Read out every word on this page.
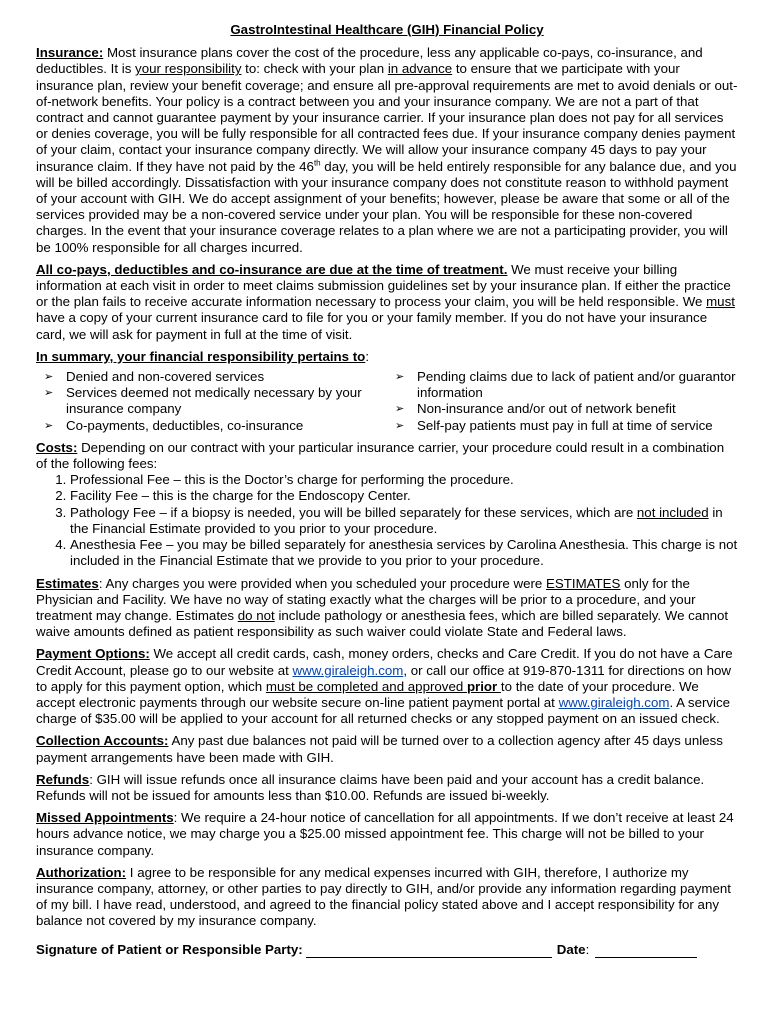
GastroIntestinal Healthcare (GIH) Financial Policy

Insurance: Most insurance plans cover the cost of the procedure, less any applicable co-pays, co-insurance, and deductibles. It is your responsibility to: check with your plan in advance to ensure that we participate with your insurance plan, review your benefit coverage; and ensure all pre-approval requirements are met to avoid denials or out-of-network benefits. Your policy is a contract between you and your insurance company. We are not a part of that contract and cannot guarantee payment by your insurance carrier. If your insurance plan does not pay for all services or denies coverage, you will be fully responsible for all contracted fees due. If your insurance company denies payment of your claim, contact your insurance company directly. We will allow your insurance company 45 days to pay your insurance claim. If they have not paid by the 46th day, you will be held entirely responsible for any balance due, and you will be billed accordingly. Dissatisfaction with your insurance company does not constitute reason to withhold payment of your account with GIH. We do accept assignment of your benefits; however, please be aware that some or all of the services provided may be a non-covered service under your plan. You will be responsible for these non-covered charges. In the event that your insurance coverage relates to a plan where we are not a participating provider, you will be 100% responsible for all charges incurred.

All co-pays, deductibles and co-insurance are due at the time of treatment. We must receive your billing information at each visit in order to meet claims submission guidelines set by your insurance plan. If either the practice or the plan fails to receive accurate information necessary to process your claim, you will be held responsible. We must have a copy of your current insurance card to file for you or your family member. If you do not have your insurance card, we will ask for payment in full at the time of visit.

In summary, your financial responsibility pertains to:
➢ Denied and non-covered services
➢ Services deemed not medically necessary by your insurance company
➢ Co-payments, deductibles, co-insurance
➢ Pending claims due to lack of patient and/or guarantor information
➢ Non-insurance and/or out of network benefit
➢ Self-pay patients must pay in full at time of service
Costs: Depending on our contract with your particular insurance carrier, your procedure could result in a combination of the following fees:
1. Professional Fee – this is the Doctor’s charge for performing the procedure.
2. Facility Fee – this is the charge for the Endoscopy Center.
3. Pathology Fee – if a biopsy is needed, you will be billed separately for these services, which are not included in the Financial Estimate provided to you prior to your procedure.
4. Anesthesia Fee – you may be billed separately for anesthesia services by Carolina Anesthesia. This charge is not included in the Financial Estimate that we provide to you prior to your procedure.

Estimates: Any charges you were provided when you scheduled your procedure were ESTIMATES only for the Physician and Facility. We have no way of stating exactly what the charges will be prior to a procedure, and your treatment may change. Estimates do not include pathology or anesthesia fees, which are billed separately. We cannot waive amounts defined as patient responsibility as such waiver could violate State and Federal laws.

Payment Options: We accept all credit cards, cash, money orders, checks and Care Credit. If you do not have a Care Credit Account, please go to our website at www.giraleigh.com, or call our office at 919-870-1311 for directions on how to apply for this payment option, which must be completed and approved prior to the date of your procedure. We accept electronic payments through our website secure on-line patient payment portal at www.giraleigh.com. A service charge of $35.00 will be applied to your account for all returned checks or any stopped payment on an issued check.

Collection Accounts: Any past due balances not paid will be turned over to a collection agency after 45 days unless payment arrangements have been made with GIH.

Refunds: GIH will issue refunds once all insurance claims have been paid and your account has a credit balance. Refunds will not be issued for amounts less than $10.00. Refunds are issued bi-weekly.

Missed Appointments: We require a 24-hour notice of cancellation for all appointments. If we don’t receive at least 24 hours advance notice, we may charge you a $25.00 missed appointment fee. This charge will not be billed to your insurance company.

Authorization: I agree to be responsible for any medical expenses incurred with GIH, therefore, I authorize my insurance company, attorney, or other parties to pay directly to GIH, and/or provide any information regarding payment of my bill. I have read, understood, and agreed to the financial policy stated above and I accept responsibility for any balance not covered by my insurance company.

Signature of Patient or Responsible Party:	Date:
